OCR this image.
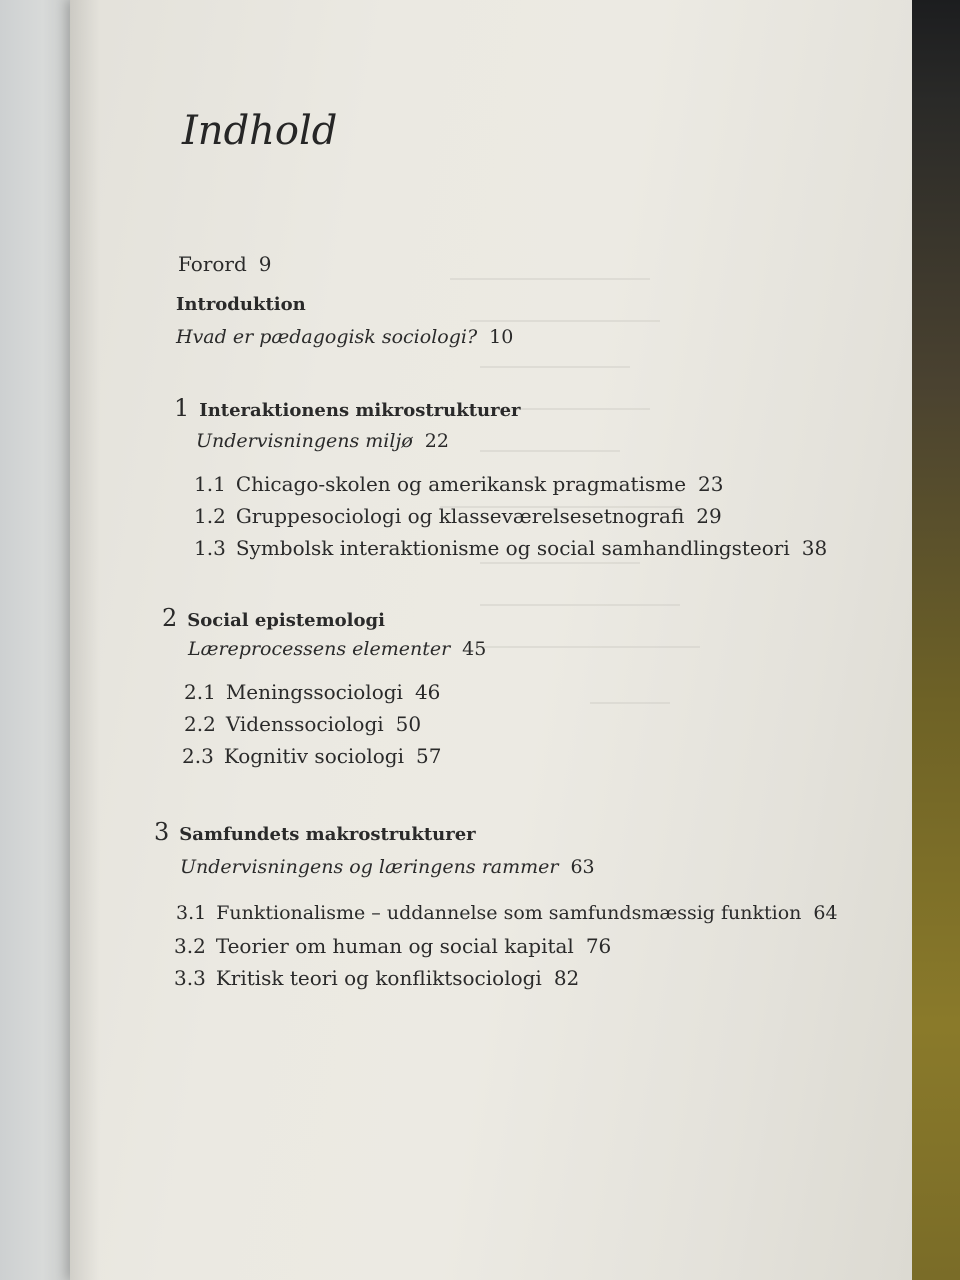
Indhold
Forord 9
Introduktion
Hvad er pædagogisk sociologi? 10
1 Interaktionens mikrostrukturer
Undervisningens miljø 22
1.1 Chicago-skolen og amerikansk pragmatisme 23
1.2 Gruppesociologi og klasseværelsesetnografi 29
1.3 Symbolsk interaktionisme og social samhandlingsteori 38
2 Social epistemologi
Læreprocessens elementer 45
2.1 Meningssociologi 46
2.2 Videnssociologi 50
2.3 Kognitiv sociologi 57
3 Samfundets makrostrukturer
Undervisningens og læringens rammer 63
3.1 Funktionalisme – uddannelse som samfundsmæssig funktion 64
3.2 Teorier om human og social kapital 76
3.3 Kritisk teori og konfliktsociologi 82
